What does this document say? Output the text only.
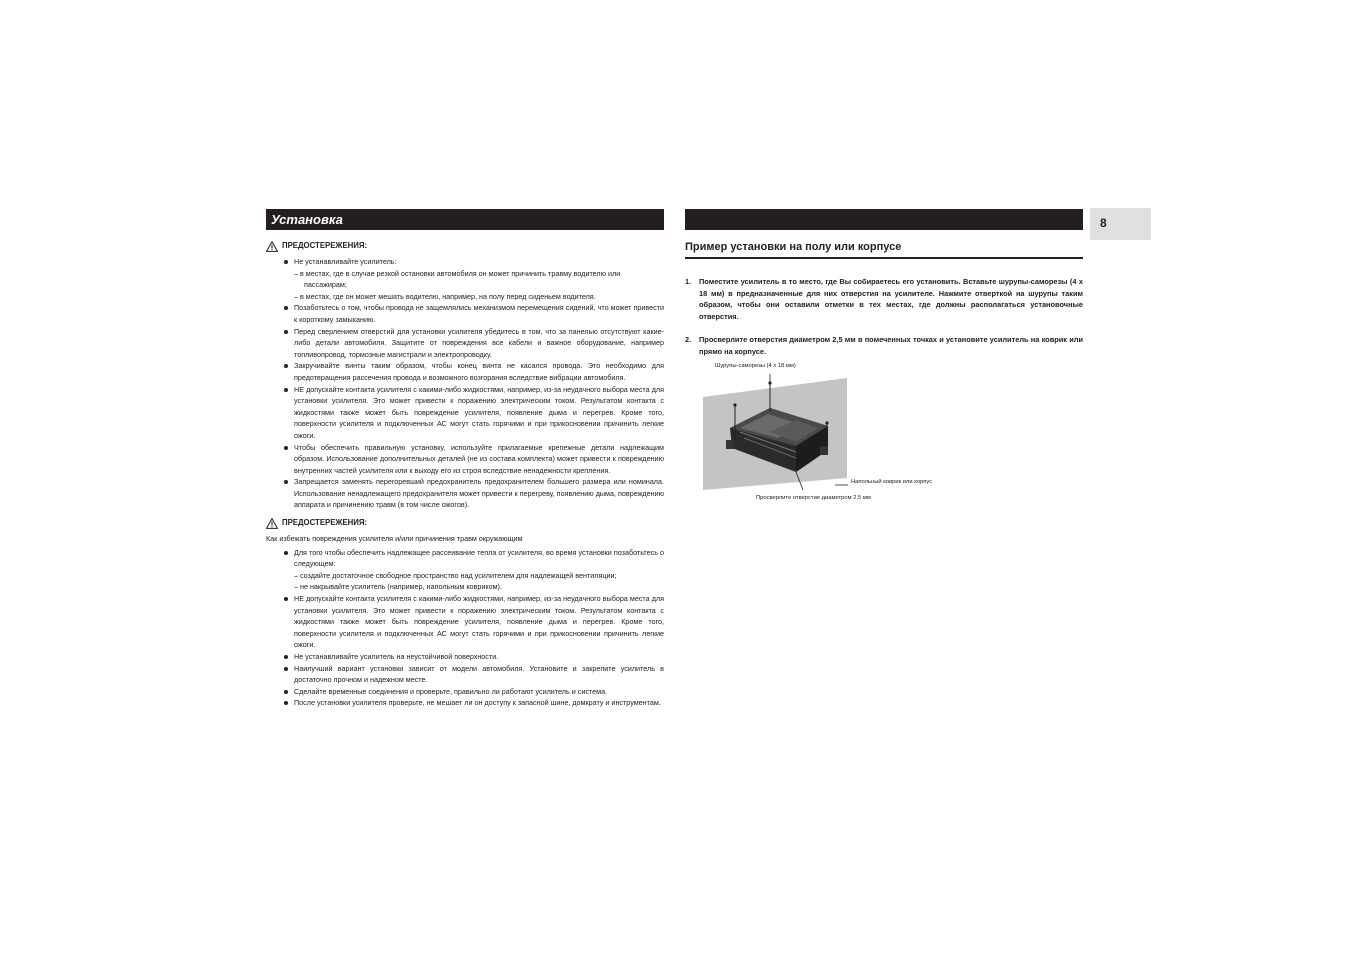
Установка
ПРЕДОСТЕРЕЖЕНИЯ:
Не устанавливайте усилитель:
– в местах, где в случае резкой остановки автомобиля он может причинить травму водителю или пассажирам;
– в местах, где он может мешать водителю, например, на полу перед сиденьем водителя.
Позаботьтесь о том, чтобы провода не защемлялись механизмом перемещения сидений, что может привести к короткому замыканию.
Перед сверлением отверстий для установки усилителя убедитесь в том, что за панелью отсутствуют какие-либо детали автомобиля. Защитите от повреждения все кабели и важное оборудование, например топливопровод, тормозные магистрали и электропроводку.
Закручивайте винты таким образом, чтобы конец винта не касался провода. Это необходимо для предотвращения рассечения провода и возможного возгорания вследствие вибрации автомобиля.
НЕ допускайте контакта усилителя с какими-либо жидкостями, например, из-за неудачного выбора места для установки усилителя. Это может привести к поражению электрическим током. Результатом контакта с жидкостями также может быть повреждение усилителя, появление дыма и перегрев. Кроме того, поверхности усилителя и подключенных АС могут стать горячими и при прикосновении причинить легкие ожоги.
Чтобы обеспечить правильную установку, используйте прилагаемые крепежные детали надлежащим образом. Использование дополнительных деталей (не из состава комплекта) может привести к повреждению внутренних частей усилителя или к выходу его из строя вследствие ненадежности крепления.
Запрещается заменять перегоревший предохранитель предохранителем большего размера или номинала. Использование ненадлежащего предохранителя может привести к перегреву, появлению дыма, повреждению аппарата и причинению травм (в том числе ожогов).
ПРЕДОСТЕРЕЖЕНИЯ:
Как избежать повреждения усилителя и/или причинения травм окружающим
Для того чтобы обеспечить надлежащее рассеивание тепла от усилителя, во время установки позаботьтесь о следующем:
– создайте достаточное свободное пространство над усилителем для надлежащей вентиляции;
– не накрывайте усилитель (например, напольным ковриком).
НЕ допускайте контакта усилителя с какими-либо жидкостями, например, из-за неудачного выбора места для установки усилителя. Это может привести к поражению электрическим током. Результатом контакта с жидкостями также может быть повреждение усилителя, появление дыма и перегрев. Кроме того, поверхности усилителя и подключенных АС могут стать горячими и при прикосновении причинить легкие ожоги.
Не устанавливайте усилитель на неустойчивой поверхности.
Наилучший вариант установки зависит от модели автомобиля. Установите и закрепите усилитель в достаточно прочном и надежном месте.
Сделайте временные соединения и проверьте, правильно ли работают усилитель и система.
После установки усилителя проверьте, не мешает ли он доступу к запасной шине, домкрату и инструментам.
8
Пример установки на полу или корпусе
1.	Поместите усилитель в то место, где Вы собираетесь его установить. Вставьте шурупы-саморезы (4 x 18 мм) в предназначенные для них отверстия на усилителе. Нажмите отверткой на шурупы таким образом, чтобы они оставили отметки в тех местах, где должны располагаться установочные отверстия.
2.	Просверлите отверстия диаметром 2,5 мм в помеченных точках и установите усилитель на коврик или прямо на корпусе.
Шурупы-саморезы (4 x 18 мм)
Напольный коврик или корпус
Просверлите отверстие диаметром 2,5 мм
